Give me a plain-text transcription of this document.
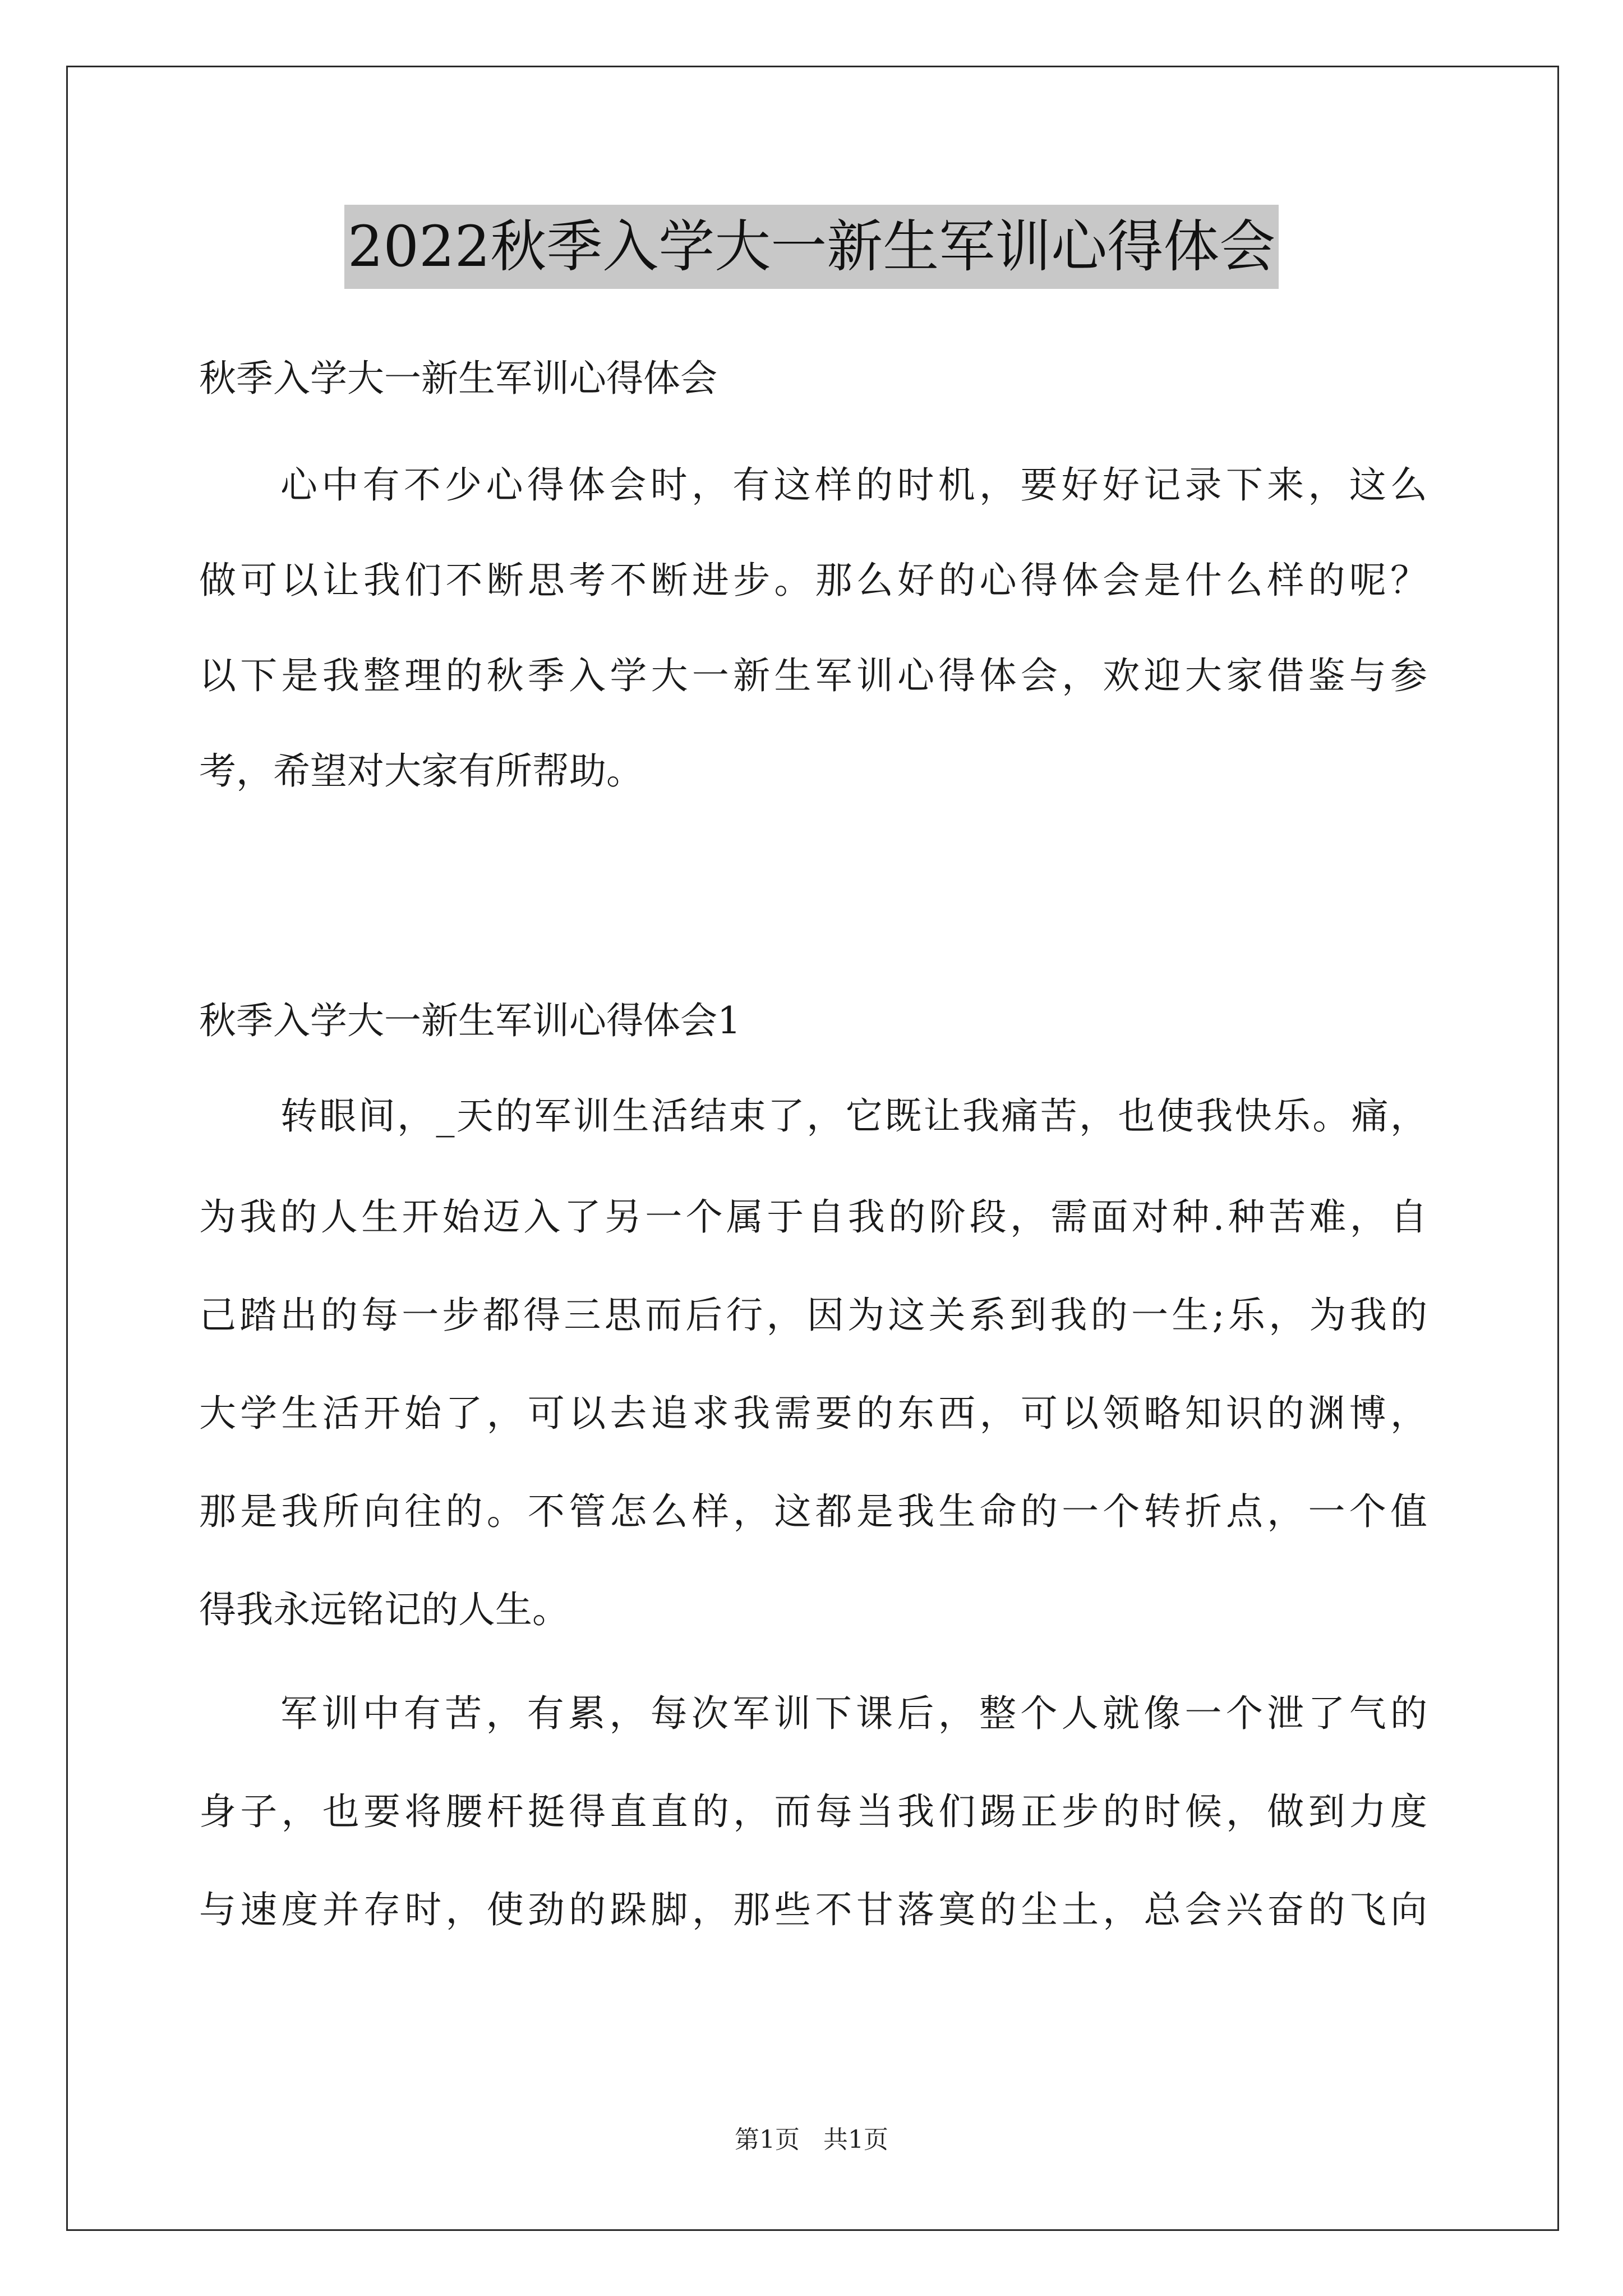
2022秋季入学大一新生军训心得体会
秋季入学大一新生军训心得体会
心中有不少心得体会时，有这样的时机，要好好记录下来，这么
做可以让我们不断思考不断进步。那么好的心得体会是什么样的呢？
以下是我整理的秋季入学大一新生军训心得体会，欢迎大家借鉴与参
考，希望对大家有所帮助。
秋季入学大一新生军训心得体会1
转眼间，_天的军训生活结束了，它既让我痛苦，也使我快乐。痛，
为我的人生开始迈入了另一个属于自我的阶段，需面对种.种苦难，自
己踏出的每一步都得三思而后行，因为这关系到我的一生;乐，为我的
大学生活开始了，可以去追求我需要的东西，可以领略知识的渊博，
那是我所向往的。不管怎么样，这都是我生命的一个转折点，一个值
得我永远铭记的人生。
军训中有苦，有累，每次军训下课后，整个人就像一个泄了气的
身子，也要将腰杆挺得直直的，而每当我们踢正步的时候，做到力度
与速度并存时，使劲的跺脚，那些不甘落寞的尘土，总会兴奋的飞向
第1页 共1页
